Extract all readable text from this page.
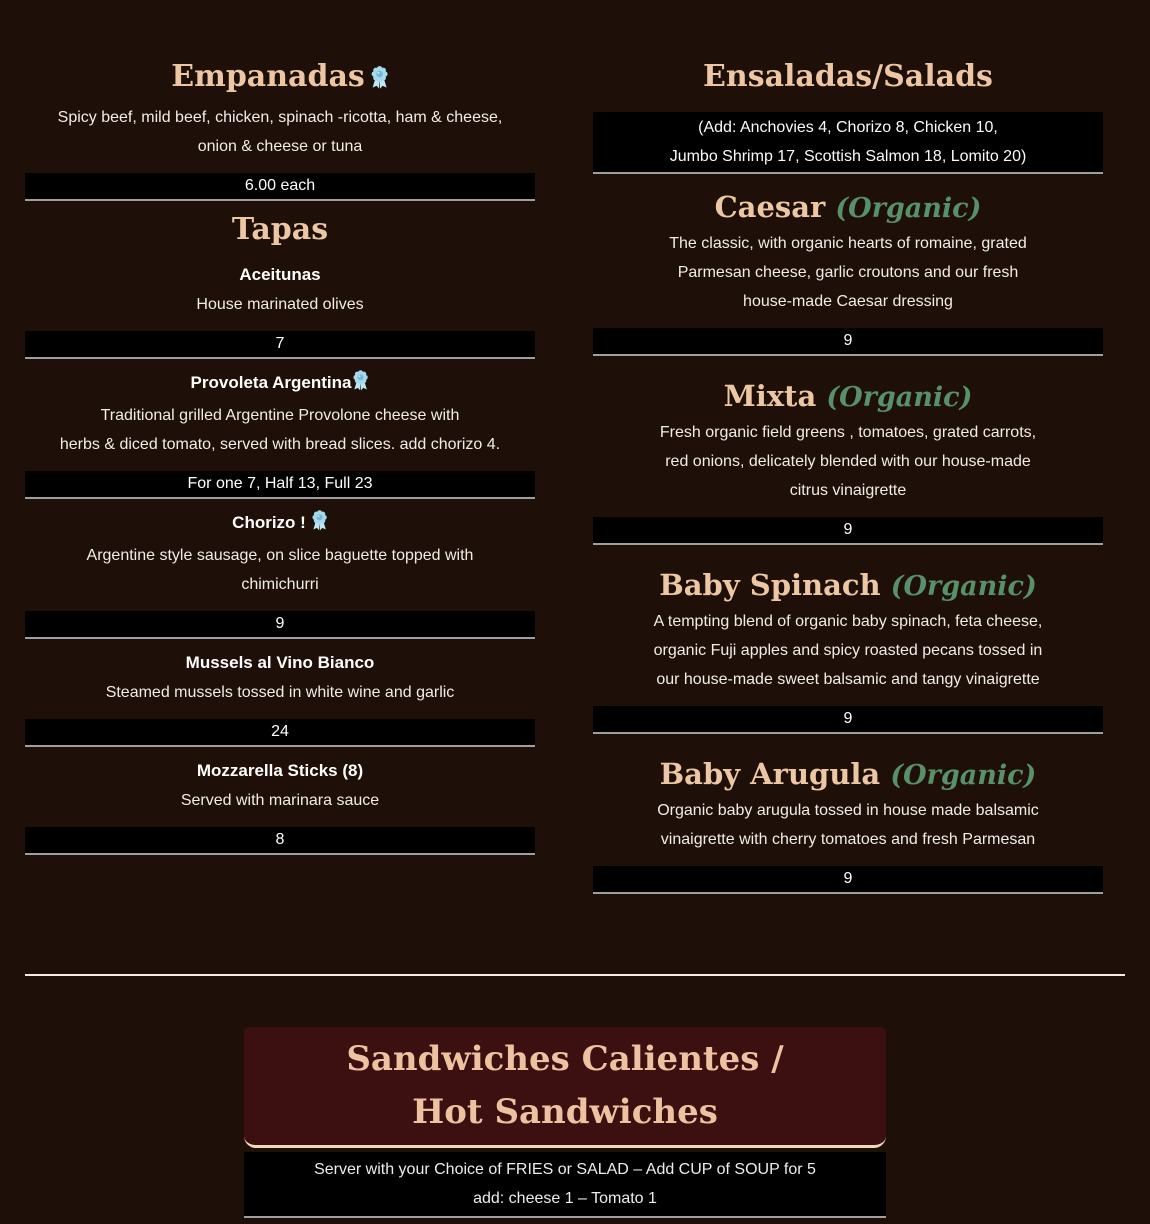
Empanadas
Spicy beef, mild beef, chicken, spinach -ricotta, ham & cheese,
onion & cheese or tuna
6.00 each
Tapas
Aceitunas
House marinated olives
7
Provoleta Argentina
Traditional grilled Argentine Provolone cheese with
herbs & diced tomato, served with bread slices. add chorizo 4.
For one 7, Half 13, Full 23
Chorizo !
Argentine style sausage, on slice baguette topped with
chimichurri
9
Mussels al Vino Bianco
Steamed mussels tossed in white wine and garlic
24
Mozzarella Sticks (8)
Served with marinara sauce
8
Ensaladas/Salads
(Add: Anchovies 4, Chorizo 8, Chicken 10,
Jumbo Shrimp 17, Scottish Salmon 18, Lomito 20)
Caesar (Organic)
The classic, with organic hearts of romaine, grated
Parmesan cheese, garlic croutons and our fresh
house-made Caesar dressing
9
Mixta (Organic)
Fresh organic field greens , tomatoes, grated carrots,
red onions, delicately blended with our house-made
citrus vinaigrette
9
Baby Spinach (Organic)
A tempting blend of organic baby spinach, feta cheese,
organic Fuji apples and spicy roasted pecans tossed in
our house-made sweet balsamic and tangy vinaigrette
9
Baby Arugula (Organic)
Organic baby arugula tossed in house made balsamic
vinaigrette with cherry tomatoes and fresh Parmesan
9
Sandwiches Calientes /
Hot Sandwiches
Server with your Choice of FRIES or SALAD – Add CUP of SOUP for 5
add: cheese 1 – Tomato 1
